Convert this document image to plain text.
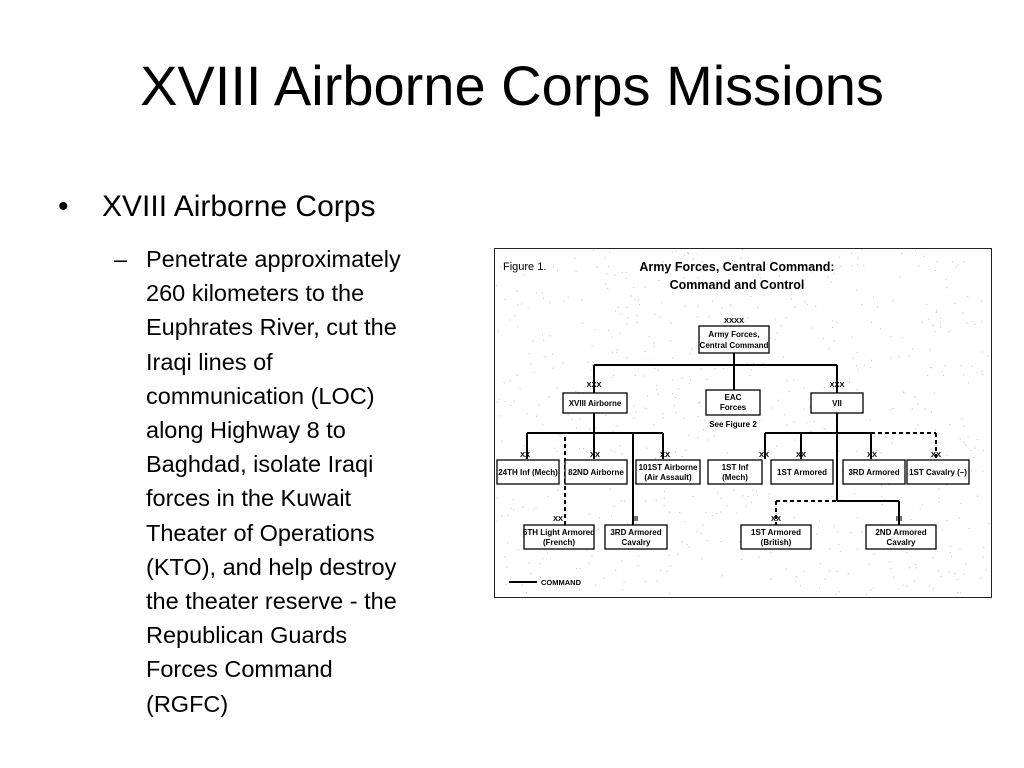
XVIII Airborne Corps Missions
•	XVIII Airborne Corps
– Penetrate approximately
260 kilometers to the
Euphrates River, cut the
Iraqi lines of
communication (LOC)
along Highway 8 to
Baghdad, isolate Iraqi
forces in the Kuwait
Theater of Operations
(KTO), and help destroy
the theater reserve - the
Republican Guards
Forces Command
(RGFC)
Figure 1.	Army Forces, Central Command:
Command and Control
XXXX
XXX	XXX
XX	XX	XX	XX	XX	XX	XX
XX	III	XX	III
Army Forces,
Central Command
XVIII Airborne
EAC
Forces
See Figure 2
VII
24TH Inf (Mech) 82ND Airborne
101ST Airborne
(Air Assault)
1ST Inf
(Mech)
1ST Armored	3RD Armored 1ST Cavalry (–)
6TH Light Armored
(French)
3RD Armored
Cavalry
1ST Armored
(British)
2ND Armored
Cavalry
COMMAND
